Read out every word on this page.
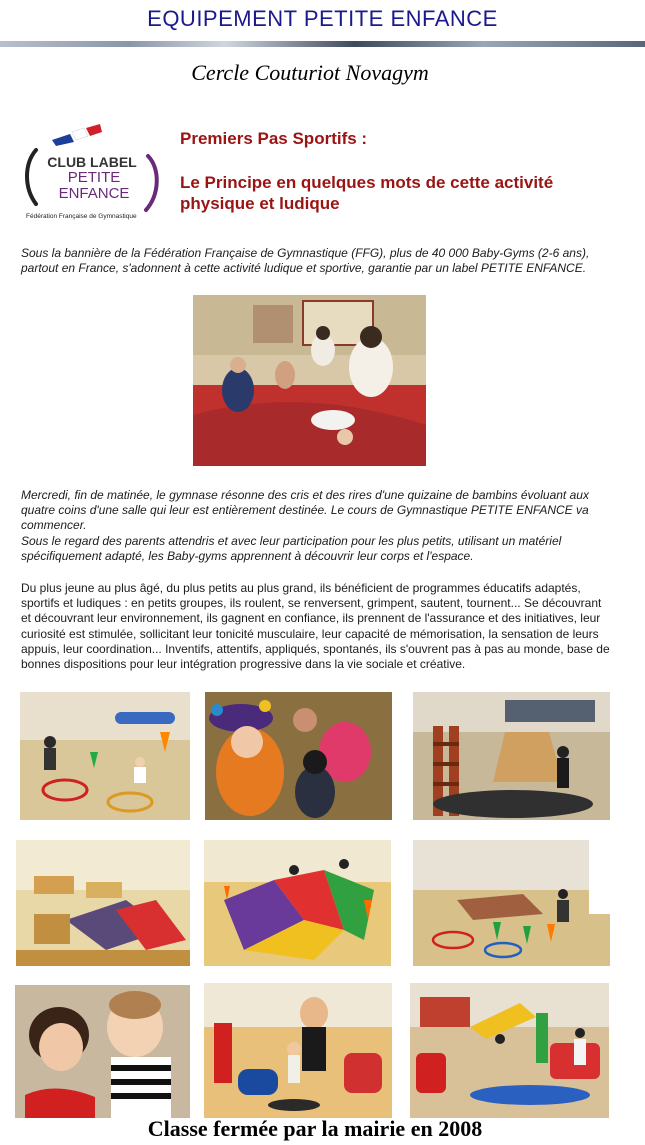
EQUIPEMENT PETITE ENFANCE
Cercle Couturiot Novagym
CLUB LABEL
PETITE
ENFANCE
Fédération Française de Gymnastique
Premiers Pas Sportifs :
Le Principe en quelques mots de cette activité physique et ludique
Sous la bannière de la Fédération Française de Gymnastique (FFG), plus de 40 000 Baby-Gyms (2-6 ans), partout en France, s'adonnent à cette activité ludique et sportive, garantie par un label PETITE ENFANCE.
Mercredi, fin de matinée, le gymnase résonne des cris et des rires d'une quizaine de bambins évoluant aux quatre coins d'une salle qui leur est entièrement destinée. Le cours de Gymnastique PETITE ENFANCE va commencer.
Sous le regard des parents attendris et avec leur participation pour les plus petits, utilisant un matériel spécifiquement adapté, les Baby-gyms apprennent à découvrir leur corps et l'espace.
Du plus jeune au plus âgé, du plus petits au plus grand, ils bénéficient de programmes éducatifs adaptés, sportifs et ludiques : en petits groupes, ils roulent, se renversent, grimpent, sautent, tournent... Se découvrant et découvrant leur environnement, ils gagnent en confiance, ils prennent de l'assurance et des initiatives, leur curiosité est stimulée, sollicitant leur tonicité musculaire, leur capacité de mémorisation, la sensation de leurs appuis, leur coordination... Inventifs, attentifs, appliqués, spontanés, ils s'ouvrent pas à pas au monde, base de bonnes dispositions pour leur intégration progressive dans la vie sociale et créative.
Classe fermée par la mairie en 2008
